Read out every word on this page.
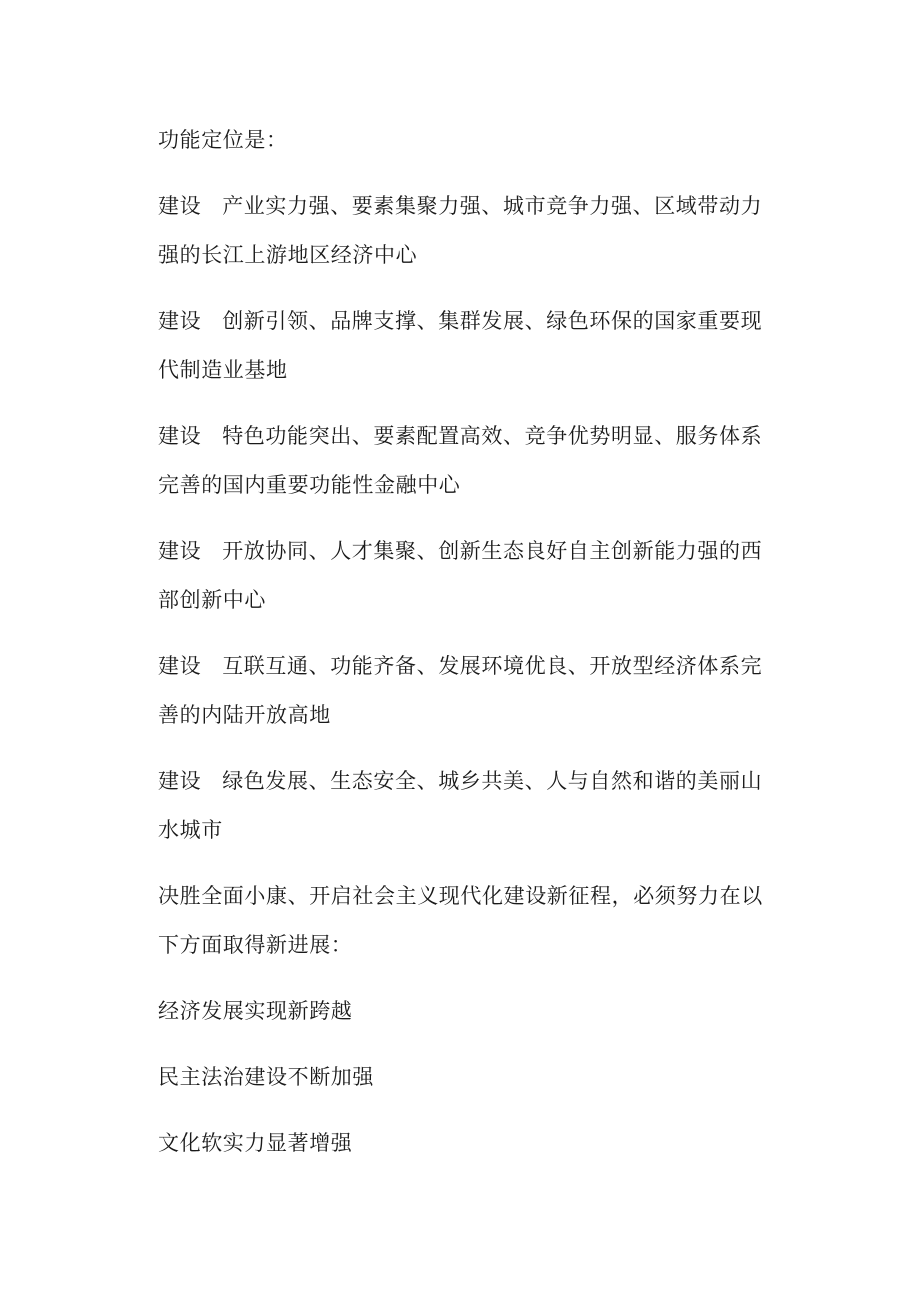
功能定位是：

建设 产业实力强、要素集聚力强、城市竞争力强、区域带动力强的长江上游地区经济中心

建设 创新引领、品牌支撑、集群发展、绿色环保的国家重要现代制造业基地

建设 特色功能突出、要素配置高效、竞争优势明显、服务体系完善的国内重要功能性金融中心

建设 开放协同、人才集聚、创新生态良好自主创新能力强的西部创新中心

建设 互联互通、功能齐备、发展环境优良、开放型经济体系完善的内陆开放高地

建设 绿色发展、生态安全、城乡共美、人与自然和谐的美丽山水城市

决胜全面小康、开启社会主义现代化建设新征程，必须努力在以下方面取得新进展：

经济发展实现新跨越

民主法治建设不断加强

文化软实力显著增强
